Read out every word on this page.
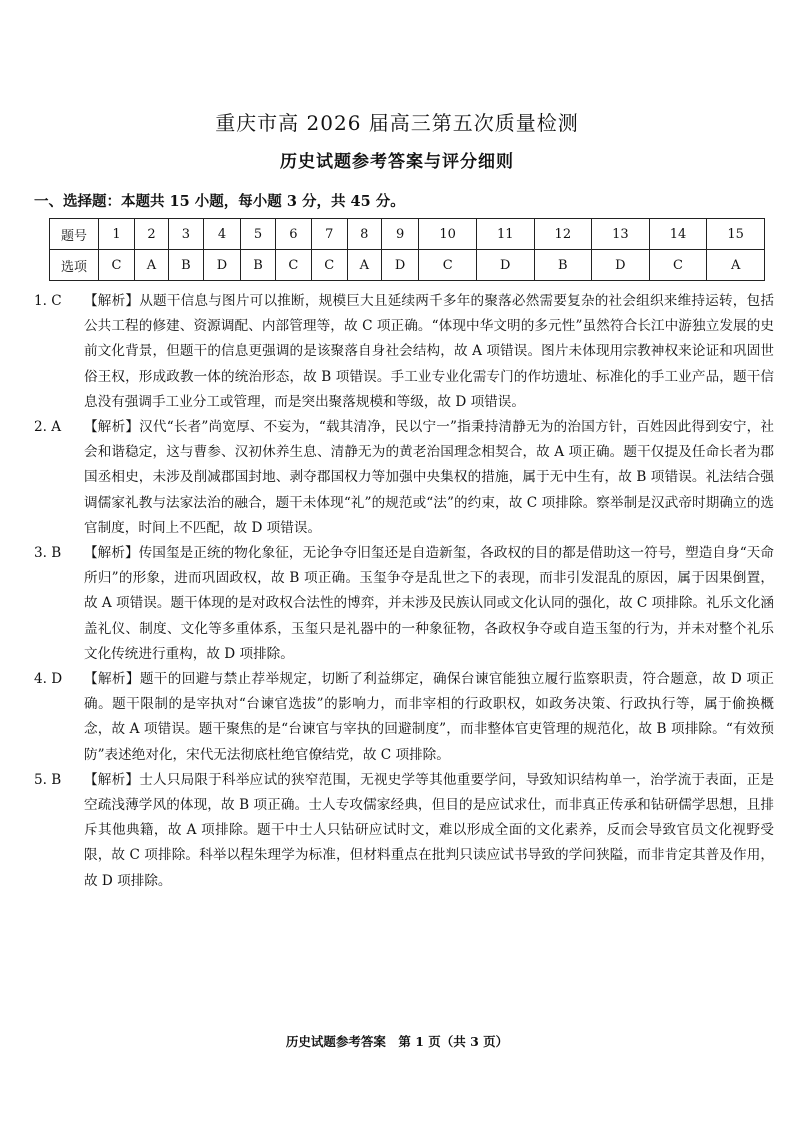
重庆市高 2026 届高三第五次质量检测
历史试题参考答案与评分细则
一、选择题：本题共 15 小题，每小题 3 分，共 45 分。
题号	1	2	3	4	5	6	7	8	9	10	11	12	13	14	15
选项	C	A	B	D	B	C	C	A	D	C	D	B	D	C	A
1. C	【解析】从题干信息与图片可以推断，规模巨大且延续两千多年的聚落必然需要复杂的社会组织来维持运转，包括公共工程的修建、资源调配、内部管理等，故 C 项正确。“体现中华文明的多元性”虽然符合长江中游独立发展的史前文化背景，但题干的信息更强调的是该聚落自身社会结构，故 A 项错误。图片未体现用宗教神权来论证和巩固世俗王权，形成政教一体的统治形态，故 B 项错误。手工业专业化需专门的作坊遗址、标准化的手工业产品，题干信息没有强调手工业分工或管理，而是突出聚落规模和等级，故 D 项错误。
2. A	【解析】汉代“长者”尚宽厚、不妄为，“载其清净，民以宁一”指秉持清静无为的治国方针，百姓因此得到安宁，社会和谐稳定，这与曹参、汉初休养生息、清静无为的黄老治国理念相契合，故 A 项正确。题干仅提及任命长者为郡国丞相史，未涉及削减郡国封地、剥夺郡国权力等加强中央集权的措施，属于无中生有，故 B 项错误。礼法结合强调儒家礼教与法家法治的融合，题干未体现“礼”的规范或“法”的约束，故 C 项排除。察举制是汉武帝时期确立的选官制度，时间上不匹配，故 D 项错误。
3. B	【解析】传国玺是正统的物化象征，无论争夺旧玺还是自造新玺，各政权的目的都是借助这一符号，塑造自身“天命所归”的形象，进而巩固政权，故 B 项正确。玉玺争夺是乱世之下的表现，而非引发混乱的原因，属于因果倒置，故 A 项错误。题干体现的是对政权合法性的博弈，并未涉及民族认同或文化认同的强化，故 C 项排除。礼乐文化涵盖礼仪、制度、文化等多重体系，玉玺只是礼器中的一种象征物，各政权争夺或自造玉玺的行为，并未对整个礼乐文化传统进行重构，故 D 项排除。
4. D	【解析】题干的回避与禁止荐举规定，切断了利益绑定，确保台谏官能独立履行监察职责，符合题意，故 D 项正确。题干限制的是宰执对“台谏官选拔”的影响力，而非宰相的行政职权，如政务决策、行政执行等，属于偷换概念，故 A 项错误。题干聚焦的是“台谏官与宰执的回避制度”，而非整体官吏管理的规范化，故 B 项排除。“有效预防”表述绝对化，宋代无法彻底杜绝官僚结党，故 C 项排除。
5. B	【解析】士人只局限于科举应试的狭窄范围，无视史学等其他重要学问，导致知识结构单一，治学流于表面，正是空疏浅薄学风的体现，故 B 项正确。士人专攻儒家经典，但目的是应试求仕，而非真正传承和钻研儒学思想，且排斥其他典籍，故 A 项排除。题干中士人只钻研应试时文，难以形成全面的文化素养，反而会导致官员文化视野受限，故 C 项排除。科举以程朱理学为标准，但材料重点在批判只读应试书导致的学问狭隘，而非肯定其普及作用，故 D 项排除。
历史试题参考答案　第 1 页（共 3 页）
